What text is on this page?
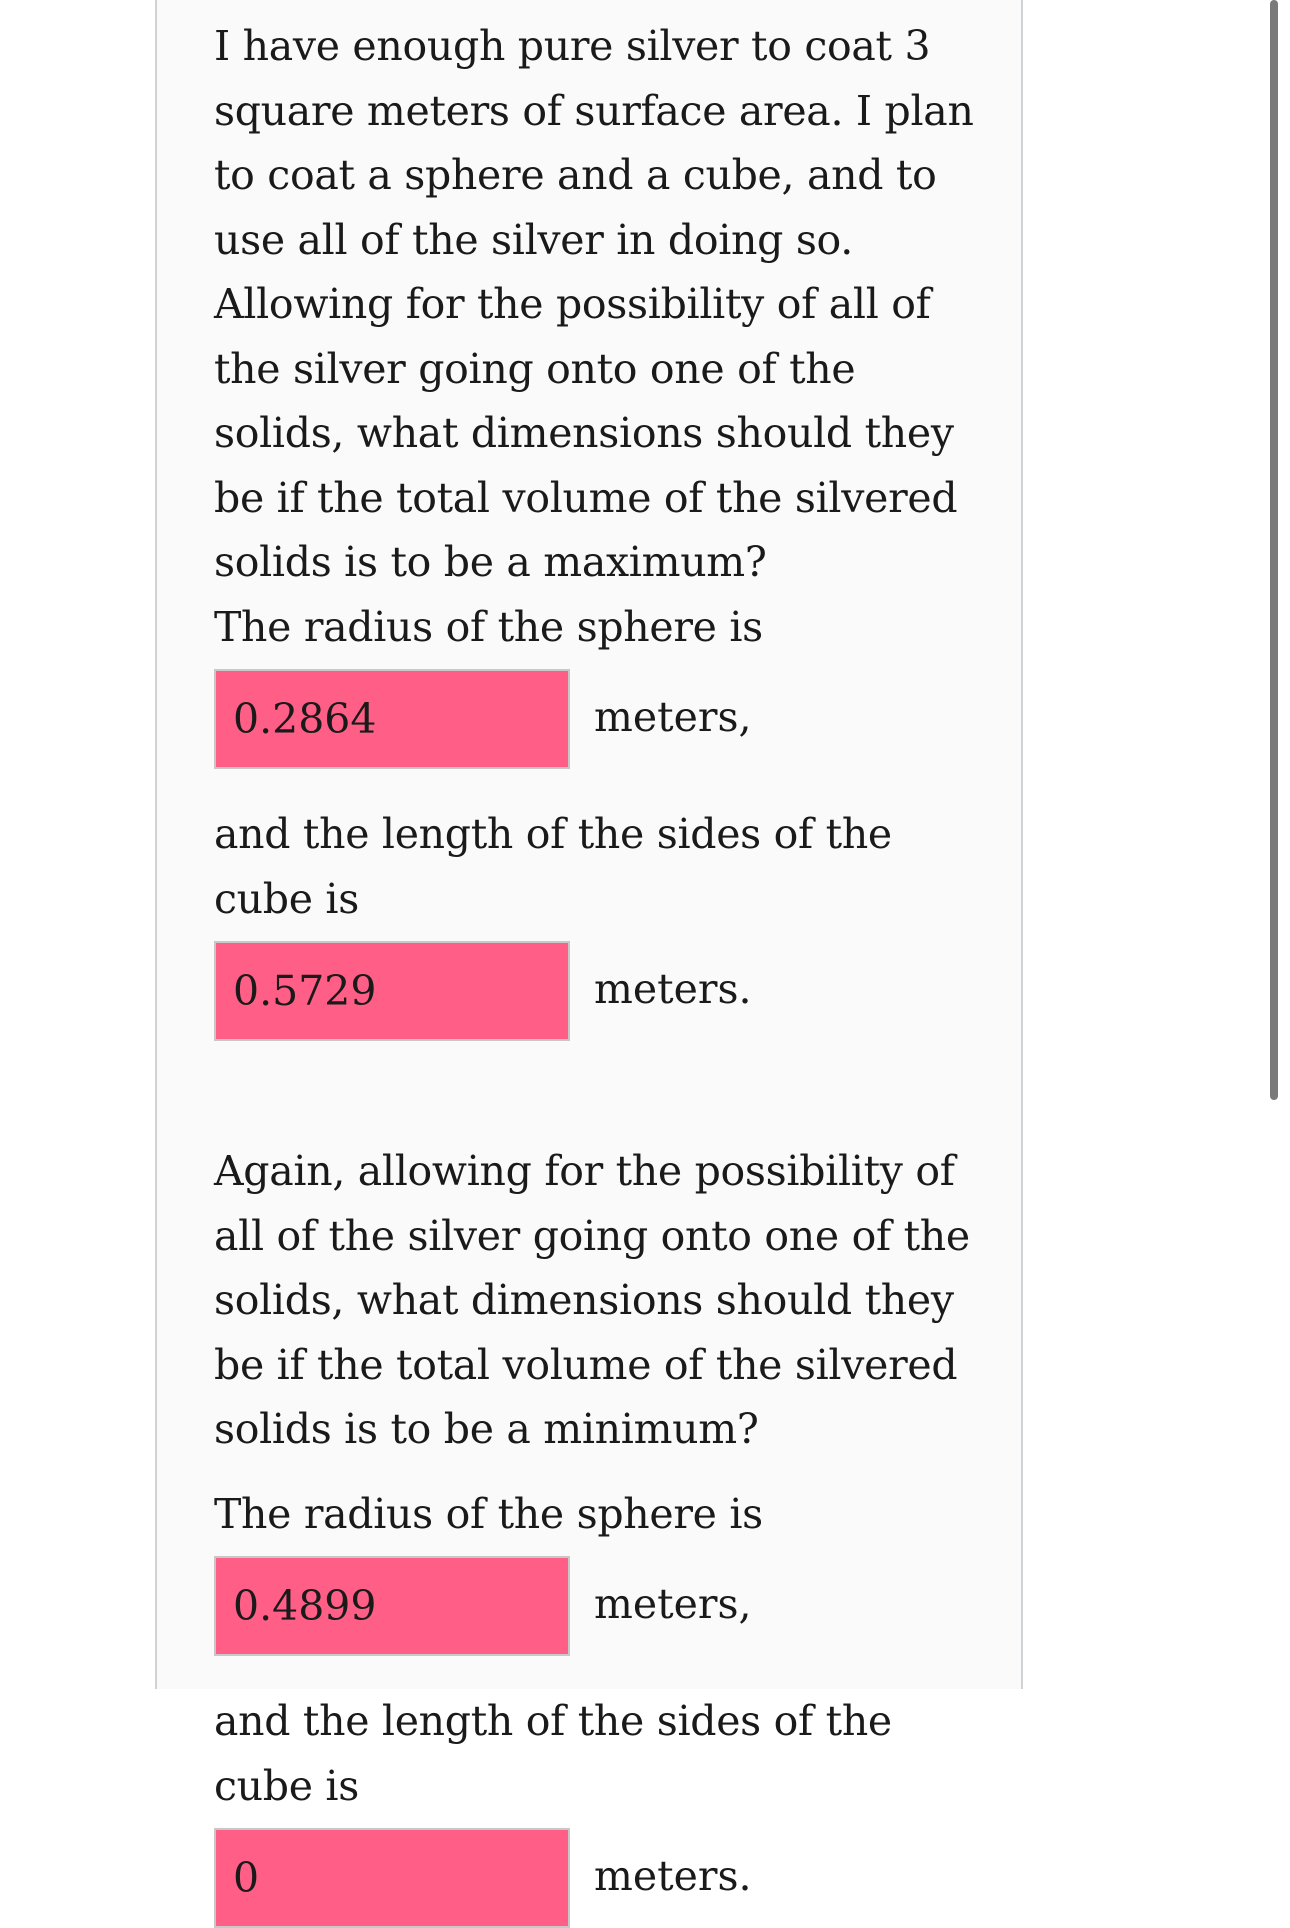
I have enough pure silver to coat 3 square meters of surface area. I plan to coat a sphere and a cube, and to use all of the silver in doing so. Allowing for the possibility of all of the silver going onto one of the solids, what dimensions should they be if the total volume of the silvered solids is to be a maximum?

The radius of the sphere is

0.2864	meters,

and the length of the sides of the cube is

0.5729	meters.

Again, allowing for the possibility of all of the silver going onto one of the solids, what dimensions should they be if the total volume of the silvered solids is to be a minimum?

The radius of the sphere is

0.4899	meters,

and the length of the sides of the cube is

0	meters.
